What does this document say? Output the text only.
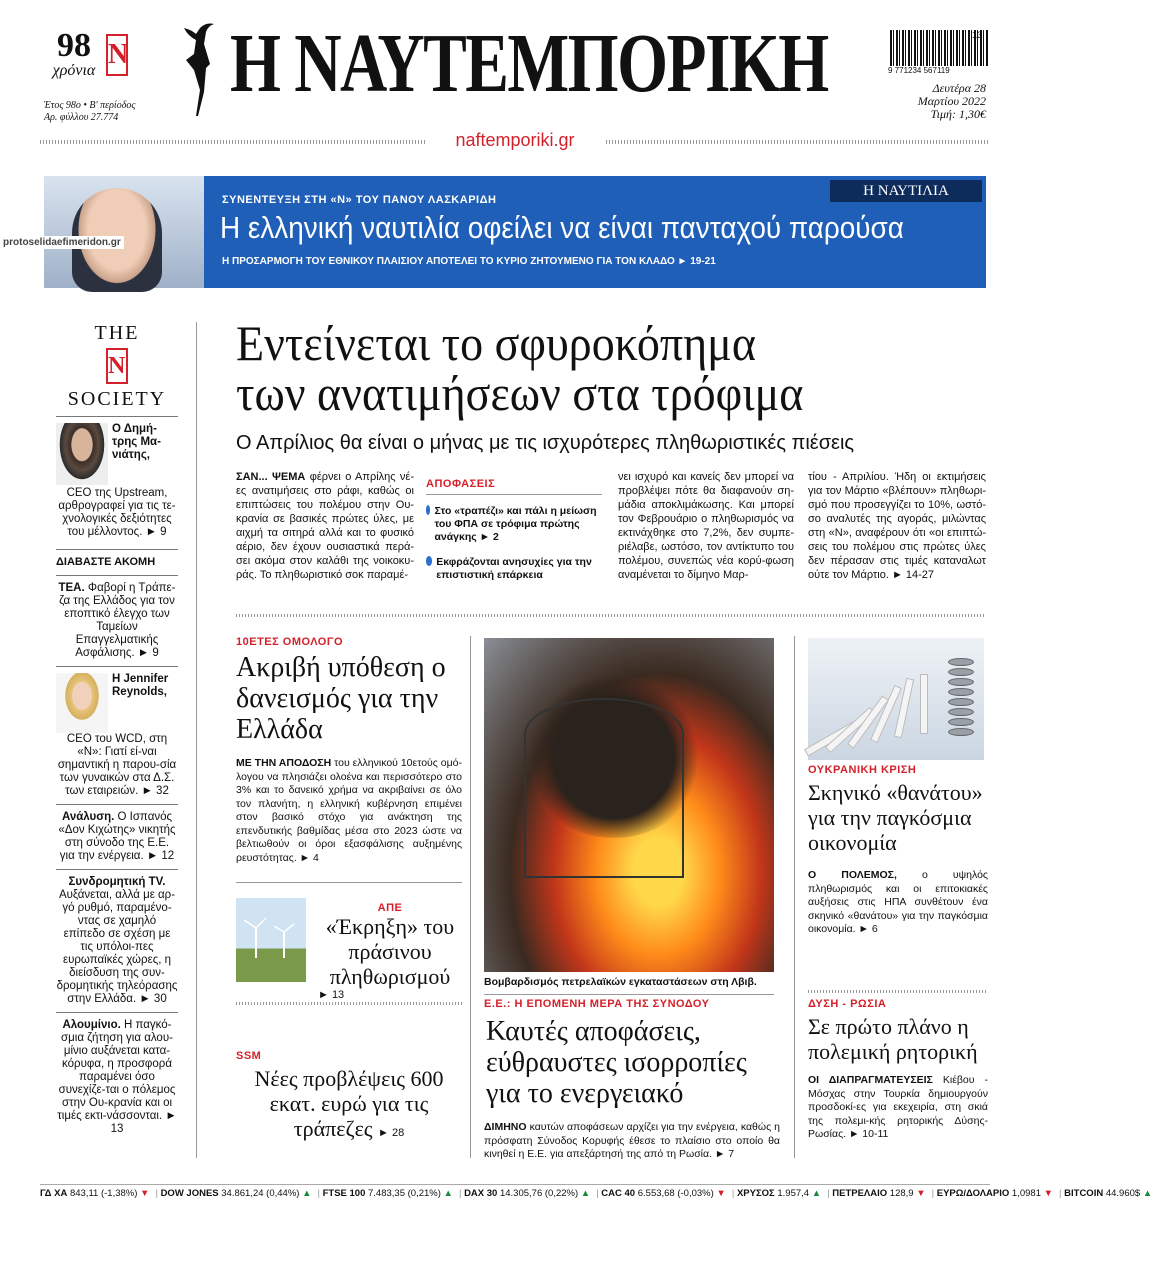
98
χρόνια
N
Έτος 98ο • Β' περίοδος
Αρ. φύλλου 27.774
Η ΝΑΥΤΕΜΠΟΡΙΚΗ	9 771234 567119
13
Δευτέρα 28
Μαρτίου 2022
Τιμή: 1,30€
naftemporiki.gr
ΣΥΝΕΝΤΕΥΞΗ ΣΤΗ «Ν» ΤΟΥ ΠΑΝΟΥ ΛΑΣΚΑΡΙΔΗ
Η ελληνική ναυτιλία οφείλει να είναι πανταχού παρούσα
Η ΠΡΟΣΑΡΜΟΓΗ ΤΟΥ ΕΘΝΙΚΟΥ ΠΛΑΙΣΙΟΥ ΑΠΟΤΕΛΕΙ ΤΟ ΚΥΡΙΟ ΖΗΤΟΥΜΕΝΟ ΓΙΑ ΤΟΝ ΚΛΑΔΟ ► 19-21
Η ΝΑΥΤΙΛΙΑ
protoselidaefimeridon.gr
THE
N
SOCIETY
Ο Δημή-τρης Μα-νιάτης,
CEO της Upstream, αρθρογραφεί για τις τε-χνολογικές δεξιότητες του μέλλοντος. ► 9
ΔΙΑΒΑΣΤΕ ΑΚΟΜΗ
ΤΕΑ. Φαβορί η Τράπε-ζα της Ελλάδος για τον εποπτικό έλεγχο των Ταμείων Επαγγελματικής Ασφάλισης. ► 9
Η Jennifer Reynolds,
CEO του WCD, στη «Ν»: Γιατί εί-ναι σημαντική η παρου-σία των γυναικών στα Δ.Σ. των εταιρειών. ► 32
Ανάλυση. Ο Ισπανός «Δον Κιχώτης» νικητής στη σύνοδο της Ε.Ε. για την ενέργεια. ► 12
Συνδρομητική TV. Αυξάνεται, αλλά με αρ-γό ρυθμό, παραμένο-ντας σε χαμηλό επίπεδο σε σχέση με τις υπόλοι-πες ευρωπαϊκές χώρες, η διείσδυση της συν-δρομητικής τηλεόρασης στην Ελλάδα. ► 30
Αλουμίνιο. Η παγκό-σμια ζήτηση για αλου-μίνιο αυξάνεται κατα-κόρυφα, η προσφορά παραμένει όσο συνεχίζε-ται ο πόλεμος στην Ου-κρανία και οι τιμές εκτι-νάσσονται. ► 13
Εντείνεται το σφυροκόπημα
των ανατιμήσεων στα τρόφιμα
Ο Απρίλιος θα είναι ο μήνας με τις ισχυρότερες πληθωριστικές πιέσεις
ΣΑΝ... ΨΕΜΑ φέρνει ο Απρίλης νέ-ες ανατιμήσεις στο ράφι, καθώς οι επιπτώσεις του πολέμου στην Ου-κρανία σε βασικές πρώτες ύλες, με αιχμή τα σιτηρά αλλά και το φυσικό αέριο, δεν έχουν ουσιαστικά περά-σει ακόμα στον καλάθι της νοικοκυ-ράς. Το πληθωριστικό σοκ παραμέ-
ΑΠΟΦΑΣΕΙΣ
Στο «τραπέζι» και πάλι η μείωση του ΦΠΑ σε τρόφιμα πρώτης ανάγκης ► 2
Εκφράζονται ανησυχίες για την επιστιστική επάρκεια
νει ισχυρό και κανείς δεν μπορεί να προβλέψει πότε θα διαφανούν ση-μάδια αποκλιμάκωσης. Και μπορεί τον Φεβρουάριο ο πληθωρισμός να εκτινάχθηκε στο 7,2%, δεν συμπε-ριέλαβε, ωστόσο, τον αντίκτυπο του πολέμου, συνεπώς νέα κορύ-φωση αναμένεται το δίμηνο Μαρ-
τίου - Απριλίου. Ήδη οι εκτιμήσεις για τον Μάρτιο «βλέπουν» πληθωρι-σμό που προσεγγίζει το 10%, ωστό-σο αναλυτές της αγοράς, μιλώντας στη «Ν», αναφέρουν ότι «οι επιπτώ-σεις του πολέμου στις πρώτες ύλες δεν πέρασαν στις τιμές καταναλωτ ούτε τον Μάρτιο. ► 14-27
10ΕΤΕΣ ΟΜΟΛΟΓΟ
Ακριβή υπόθεση ο δανεισμός για την Ελλάδα
ΜΕ ΤΗΝ ΑΠΟΔΟΣΗ του ελληνικού 10ετούς ομό-λογου να πλησιάζει ολοένα και περισσότερο στο 3% και το δανεικό χρήμα να ακριβαίνει σε όλο τον πλανήτη, η ελληνική κυβέρνηση επιμένει στον βασικό στόχο για ανάκτηση της επενδυτικής βαθμίδας μέσα στο 2023 ώστε να βελτιωθούν οι όροι εξασφάλισης αυξημένης ρευστότητας. ► 4
ΑΠΕ
«Έκρηξη» του πράσινου πληθωρισμού
► 13
SSM
Νέες προβλέψεις 600 εκατ. ευρώ για τις τράπεζες ► 28
Βομβαρδισμός πετρελαϊκών εγκαταστάσεων στη Λβιβ.
Ε.Ε.: Η ΕΠΟΜΕΝΗ ΜΕΡΑ ΤΗΣ ΣΥΝΟΔΟΥ
Καυτές αποφάσεις, εύθραυστες ισορροπίες για το ενεργειακό
ΔΙΜΗΝΟ καυτών αποφάσεων αρχίζει για την ενέργεια, καθώς η πρόσφατη Σύνοδος Κορυφής έθεσε το πλαίσιο στο οποίο θα κινηθεί η Ε.Ε. για απεξάρτησή της από τη Ρωσία. ► 7
ΟΥΚΡΑΝΙΚΗ ΚΡΙΣΗ
Σκηνικό «θανάτου» για την παγκόσμια οικονομία
Ο ΠΟΛΕΜΟΣ, ο υψηλός πληθωρισμός και οι επιτοκιακές αυξήσεις στις ΗΠΑ συνθέτουν ένα σκηνικό «θανάτου» για την παγκόσμια οικονομία. ► 6
ΔΥΣΗ - ΡΩΣΙΑ
Σε πρώτο πλάνο η πολεμική ρητορική
ΟΙ ΔΙΑΠΡΑΓΜΑΤΕΥΣΕΙΣ Κιέβου - Μόσχας στην Τουρκία δημιουργούν προσδοκί-ες για εκεχειρία, στη σκιά της πολεμι-κής ρητορικής Δύσης-Ρωσίας. ► 10-11
ΓΔ ΧΑ 843,11 (-1,38%) ▼ | DOW JONES 34.861,24 (0,44%) ▲ | FTSE 100 7.483,35 (0,21%) ▲ | DAX 30 14.305,76 (0,22%) ▲ | CAC 40 6.553,68 (-0,03%) ▼ | ΧΡΥΣΟΣ 1.957,4 ▲ | ΠΕΤΡΕΛΑΙΟ 128,9 ▼ | ΕΥΡΩ/ΔΟΛΑΡΙΟ 1,0981 ▼ | BITCOIN 44.960$ ▲
